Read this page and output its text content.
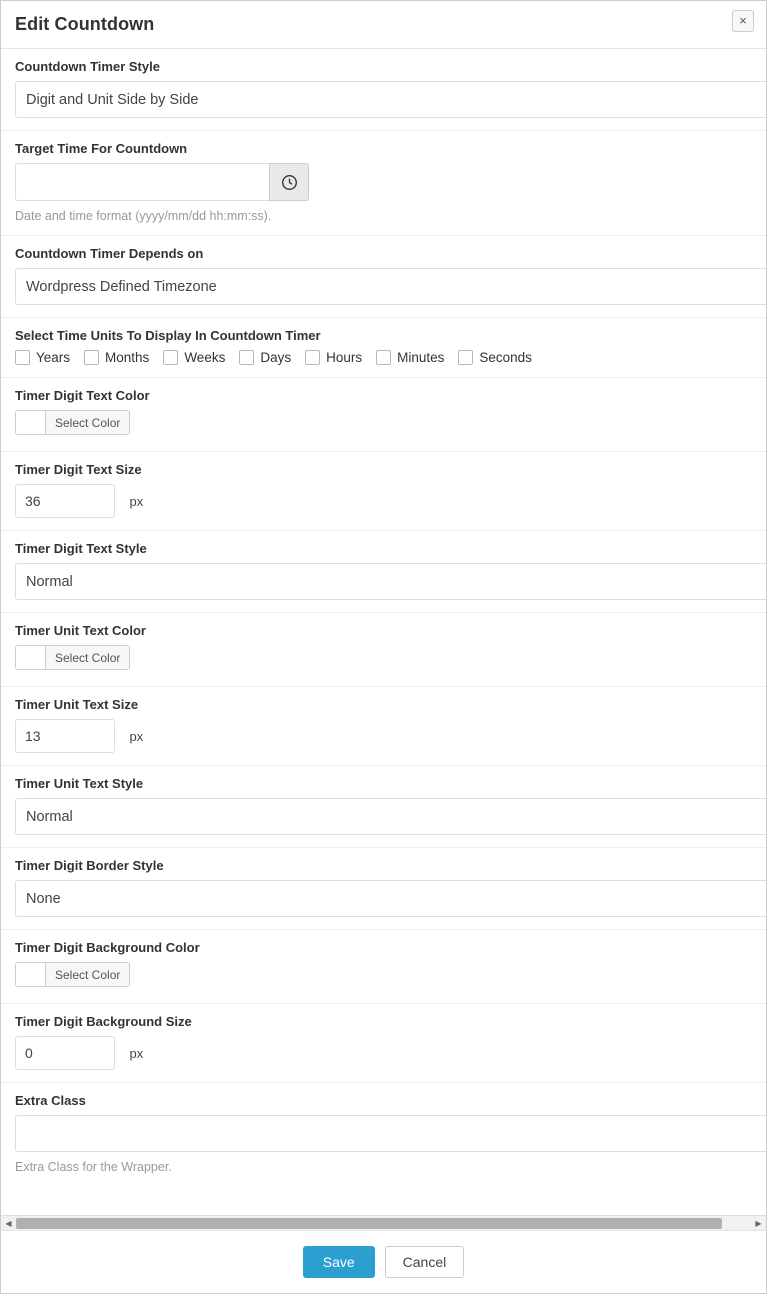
Edit Countdown	×
Countdown Timer Style
Digit and Unit Side by Side
Target Time For Countdown
Date and time format (yyyy/mm/dd hh:mm:ss).
Countdown Timer Depends on
Wordpress Defined Timezone
Select Time Units To Display In Countdown Timer
Years	Months	Weeks	Days	Hours	Minutes	Seconds
Timer Digit Text Color
Select Color
Timer Digit Text Size
36 px
Timer Digit Text Style
Normal
Timer Unit Text Color
Select Color
Timer Unit Text Size
13 px
Timer Unit Text Style
Normal
Timer Digit Border Style
None
Timer Digit Background Color
Select Color
Timer Digit Background Size
0 px
Extra Class
Extra Class for the Wrapper.
◀	▶
Save	Cancel
